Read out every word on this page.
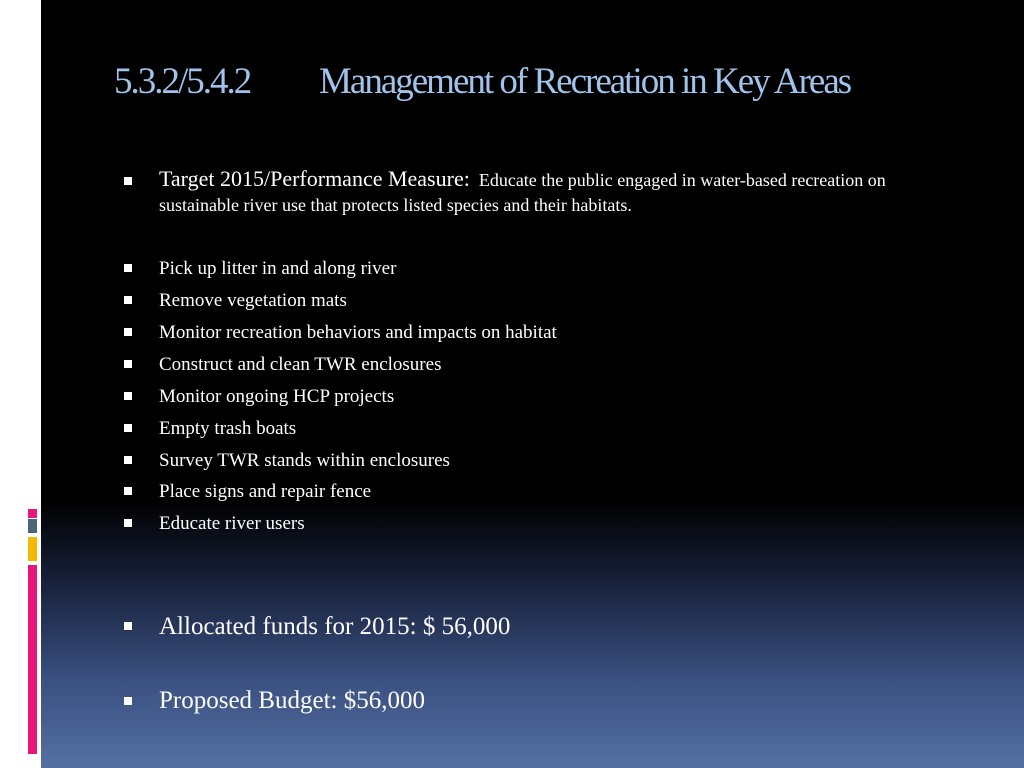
5.3.2/5.4.2 Management of Recreation in Key Areas
Target 2015/Performance Measure: Educate the public engaged in water-based recreation on sustainable river use that protects listed species and their habitats.
Pick up litter in and along river
Remove vegetation mats
Monitor recreation behaviors and impacts on habitat
Construct and clean TWR enclosures
Monitor ongoing HCP projects
Empty trash boats
Survey TWR stands within enclosures
Place signs and repair fence
Educate river users
Allocated funds for 2015: $ 56,000
Proposed Budget: $56,000
